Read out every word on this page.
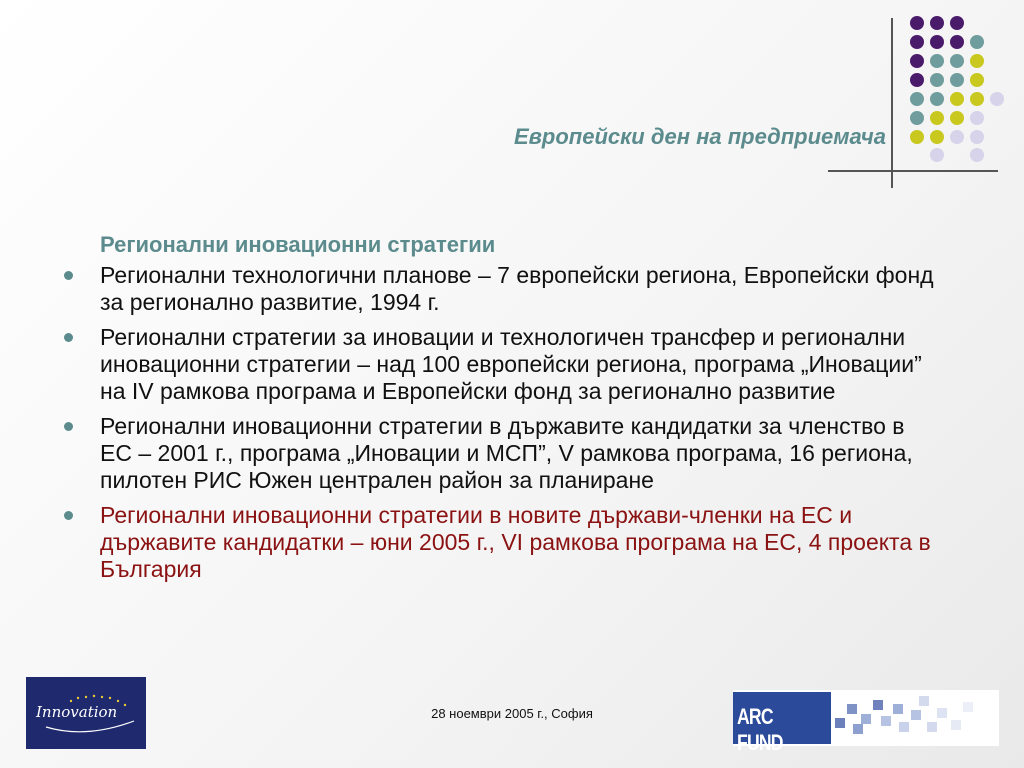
Европейски ден на предприемача
Регионални иновационни стратегии
Регионални технологични планове – 7 европейски региона, Европейски фонд за регионално развитие, 1994 г.
Регионални стратегии за иновации и технологичен трансфер и регионални иновационни стратегии – над 100 европейски региона, програма „Иновации” на IV рамкова програма и Европейски фонд за регионално развитие
Регионални иновационни стратегии в държавите кандидатки за членство в ЕС – 2001 г., програма „Иновации и МСП”, V рамкова програма, 16 региона, пилотен РИС Южен централен район за планиране
Регионални иновационни стратегии в новите държави-членки на ЕС и държавите кандидатки – юни 2005 г., VI рамкова програма на ЕС, 4 проекта в България
Innovation	28 ноември 2005 г., София	ARC FUND
